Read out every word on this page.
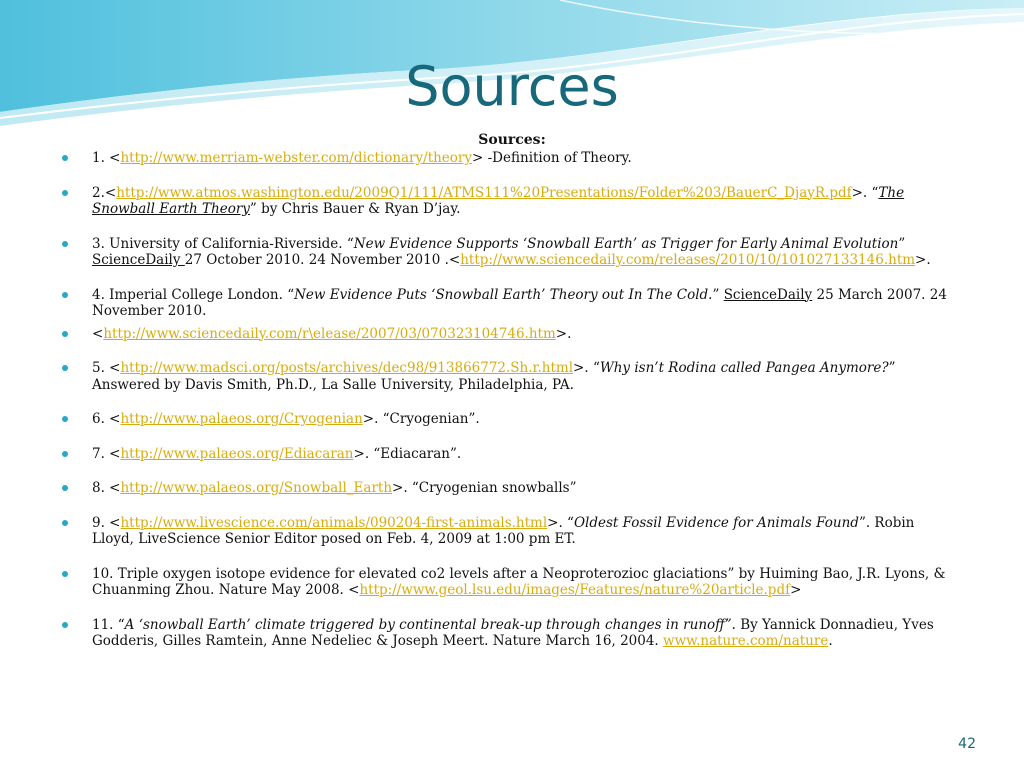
Sources
Sources:
1. <http://www.merriam-webster.com/dictionary/theory> -Definition of Theory.
2.<http://www.atmos.washington.edu/2009Q1/111/ATMS111%20Presentations/Folder%203/BauerC_DjayR.pdf>. “The Snowball Earth Theory” by Chris Bauer & Ryan D’jay.
3. University of California-Riverside. “New Evidence Supports ‘Snowball Earth’ as Trigger for Early Animal Evolution” ScienceDaily 27 October 2010. 24 November 2010 .<http://www.sciencedaily.com/releases/2010/10/101027133146.htm>.
4. Imperial College London. “New Evidence Puts ‘Snowball Earth’ Theory out In The Cold.” ScienceDaily 25 March 2007. 24 November 2010.
<http://www.sciencedaily.com/r\elease/2007/03/070323104746.htm>.
5. <http://www.madsci.org/posts/archives/dec98/913866772.Sh.r.html>. “Why isn’t Rodina called Pangea Anymore?” Answered by Davis Smith, Ph.D., La Salle University, Philadelphia, PA.
6. <http://www.palaeos.org/Cryogenian>. “Cryogenian”.
7. <http://www.palaeos.org/Ediacaran>. “Ediacaran”.
8. <http://www.palaeos.org/Snowball_Earth>. “Cryogenian snowballs”
9. <http://www.livescience.com/animals/090204-first-animals.html>. “Oldest Fossil Evidence for Animals Found”. Robin Lloyd, LiveScience Senior Editor posed on Feb. 4, 2009 at 1:00 pm ET.
10. Triple oxygen isotope evidence for elevated co2 levels after a Neoproterozioc glaciations” by Huiming Bao, J.R. Lyons, & Chuanming Zhou. Nature May 2008. <http://www.geol.lsu.edu/images/Features/nature%20article.pdf>
11. “A ‘snowball Earth’ climate triggered by continental break-up through changes in runoff”. By Yannick Donnadieu, Yves Godderis, Gilles Ramtein, Anne Nedeliec & Joseph Meert. Nature March 16, 2004. www.nature.com/nature.
42
